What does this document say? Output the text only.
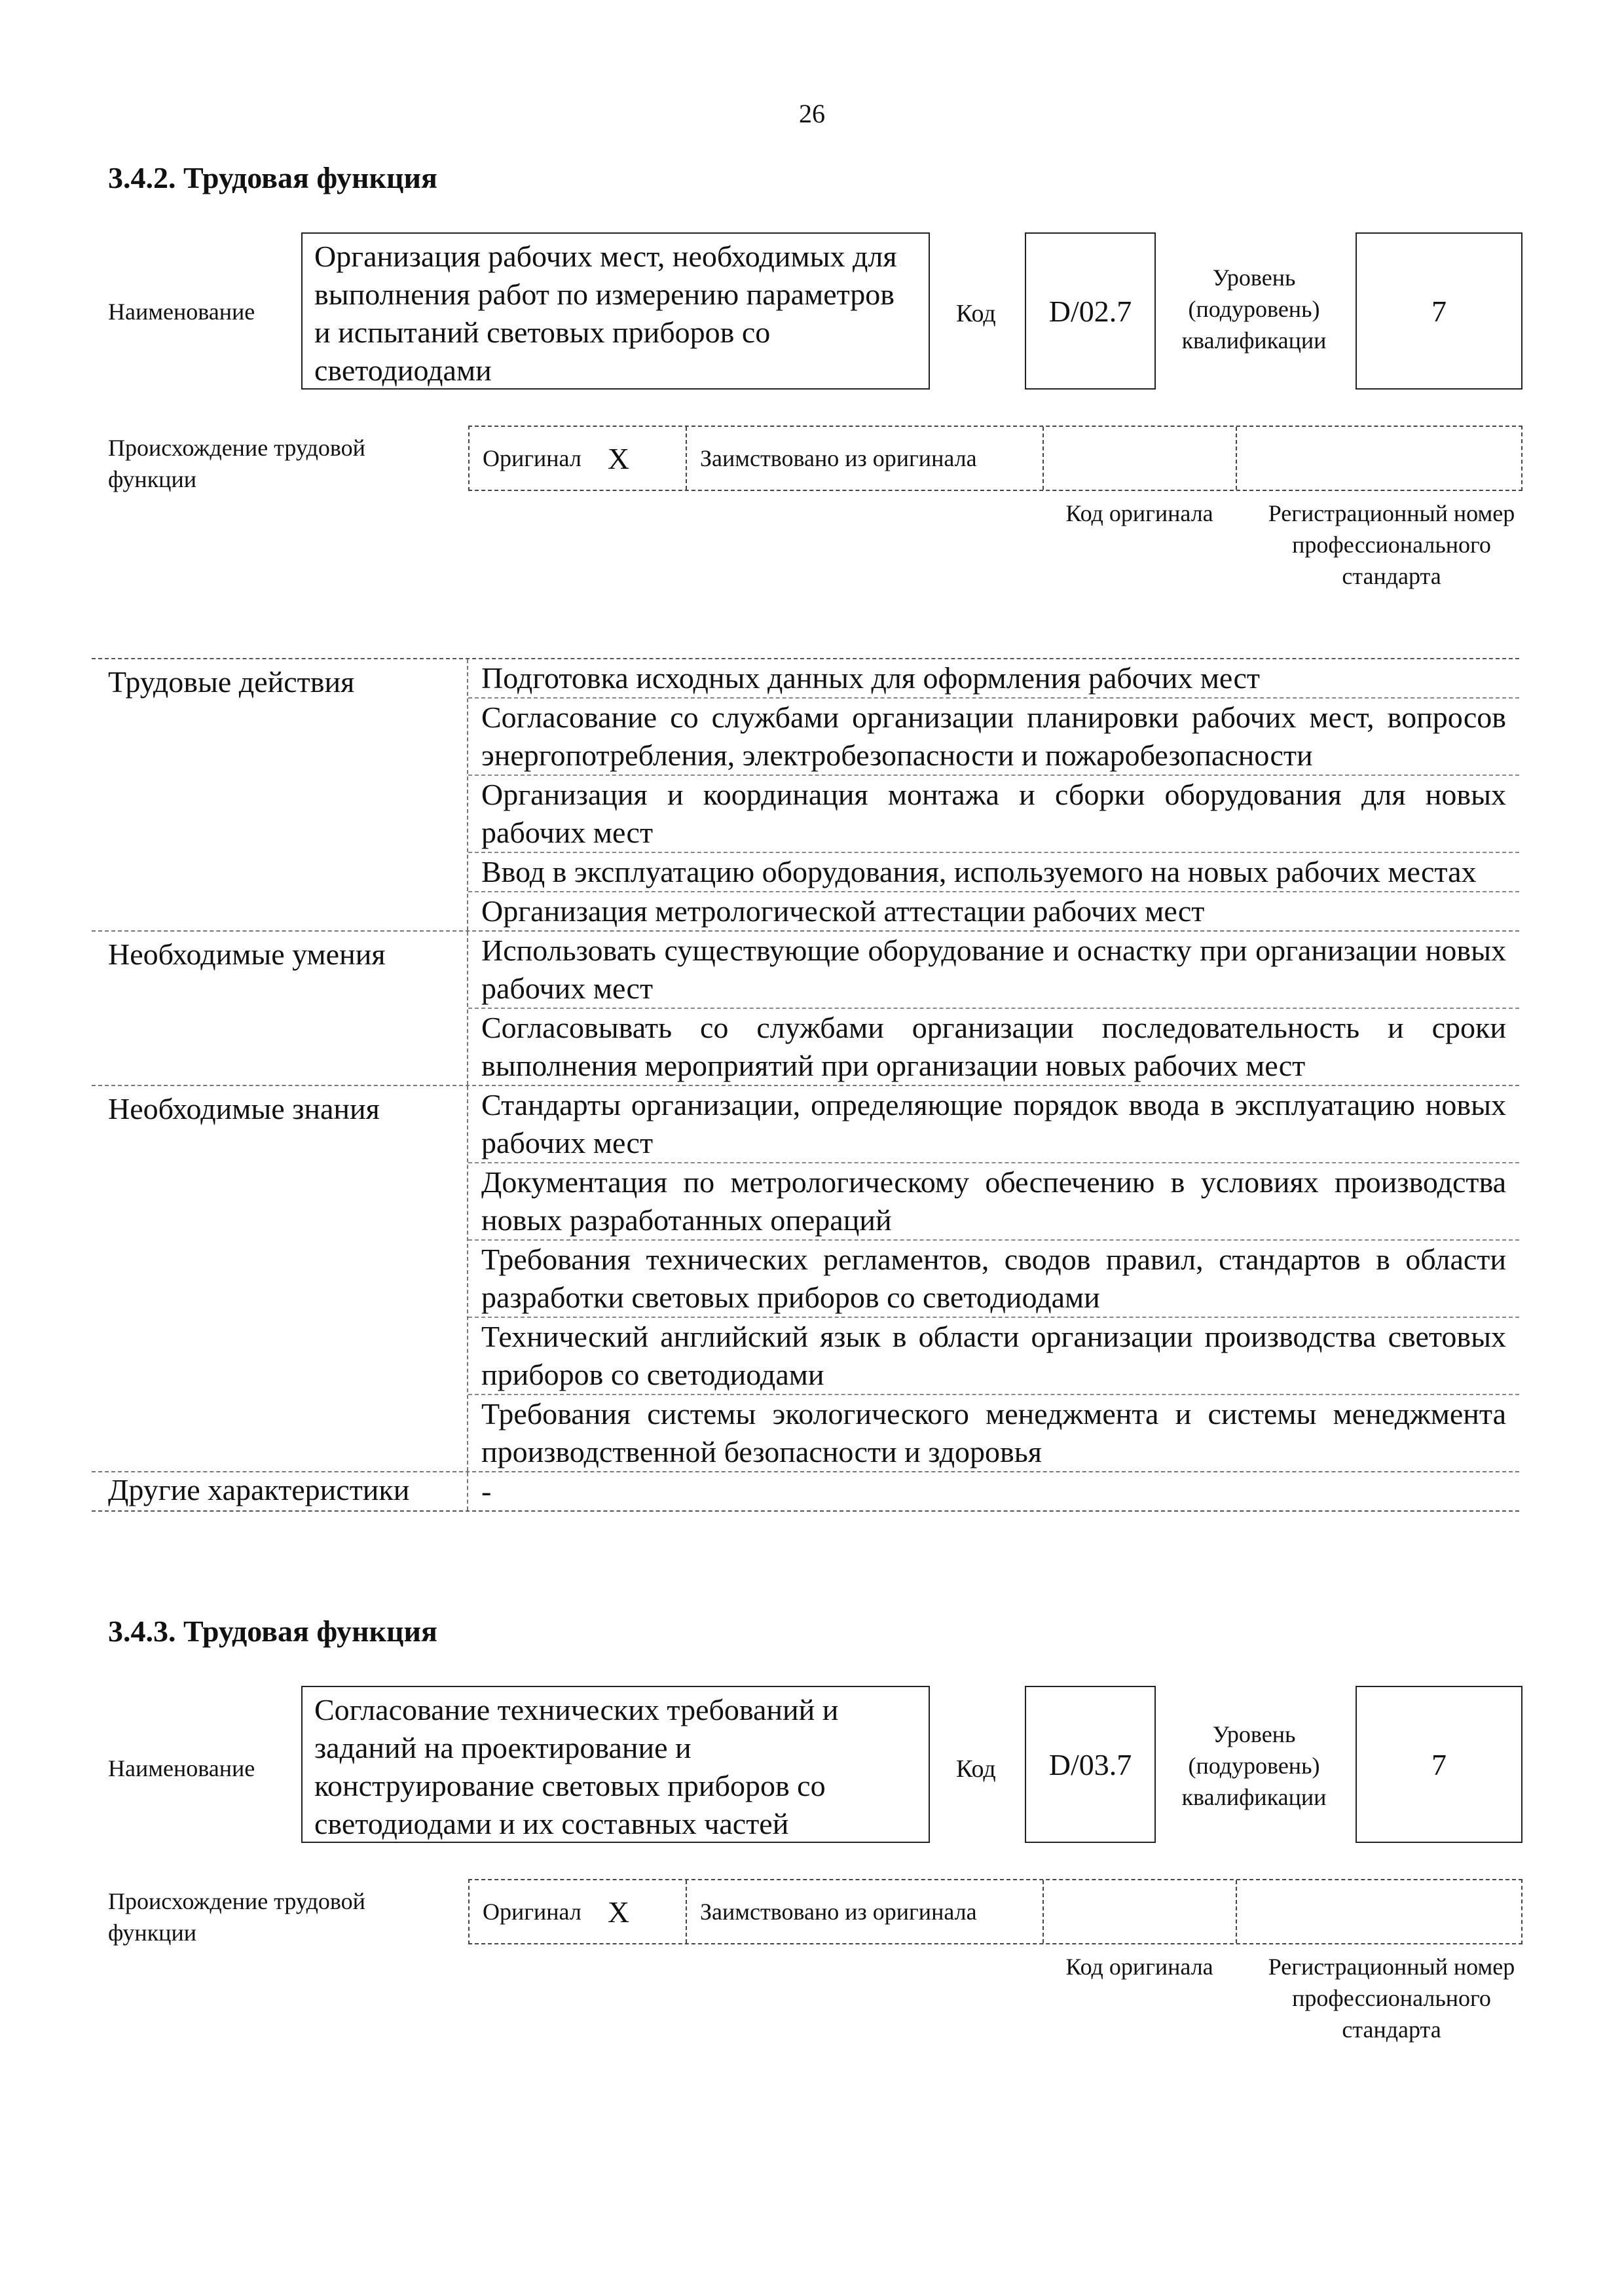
26
3.4.2. Трудовая функция
Наименование
Организация рабочих мест, необходимых для выполнения работ по измерению параметров и испытаний световых приборов со светодиодами
Код	D/02.7
Уровень (подуровень) квалификации
7
Происхождение трудовой функции
Оригинал X	Заимствовано из оригинала
Код оригинала	Регистрационный номер профессионального стандарта
Трудовые действия	Подготовка исходных данных для оформления рабочих мест
Согласование со службами организации планировки рабочих мест, вопросов энергопотребления, электробезопасности и пожаробезопасности
Организация и координация монтажа и сборки оборудования для новых рабочих мест
Ввод в эксплуатацию оборудования, используемого на новых рабочих местах
Организация метрологической аттестации рабочих мест
Необходимые умения	Использовать существующие оборудование и оснастку при организации новых рабочих мест
Согласовывать со службами организации последовательность и сроки выполнения мероприятий при организации новых рабочих мест
Необходимые знания	Стандарты организации, определяющие порядок ввода в эксплуатацию новых рабочих мест
Документация по метрологическому обеспечению в условиях производства новых разработанных операций
Требования технических регламентов, сводов правил, стандартов в области разработки световых приборов со светодиодами
Технический английский язык в области организации производства световых приборов со светодиодами
Требования системы экологического менеджмента и системы менеджмента производственной безопасности и здоровья
Другие характеристики	-
3.4.3. Трудовая функция
Наименование
Согласование технических требований и заданий на проектирование и конструирование световых приборов со светодиодами и их составных частей
Код	D/03.7
Уровень (подуровень) квалификации
7
Происхождение трудовой функции
Оригинал X	Заимствовано из оригинала
Код оригинала	Регистрационный номер профессионального стандарта
